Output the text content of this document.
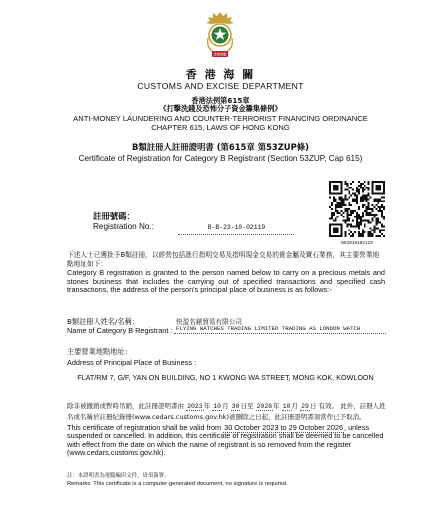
香港海關
香 港 海 關
CUSTOMS AND EXCISE DEPARTMENT
香港法例第615章
《打擊洗錢及恐怖分子資金籌集條例》
ANTI-MONEY LAUNDERING AND COUNTER-TERRORIST FINANCING ORDINANCE
CHAPTER 615, LAWS OF HONG KONG
B類註冊人註冊證明書 (第615章 第53ZUP條)
Certificate of Registration for Category B Registrant (Section 53ZUP, Cap 615)
註冊號碼：
Registration No.:	B-B-23-10-02119
B82019102119
下述人士已獲批予B類註冊，以經營包括進行指明交易及指明現金交易的貴金屬及寶石業務，其主要營業地點地址如下：
Category B registration is granted to the person named below to carry on a precious metals and stones business that includes the carrying out of specified transactions and specified cash transactions, the address of the person's principal place of business is as follows:-
B類註冊人姓名/名稱：
Name of Category B Registrant :
快盈名錶貿易有限公司
FLYING WATCHES TRADING LIMITED TRADING AS LONDON WATCH
主要營業地點地址：
Address of Principal Place of Business :
FLAT/RM 7, G/F, YAN ON BUILDING, NO 1 KWONG WA STREET, MONG KOK, KOWLOON
除非被撤銷或暫時吊銷，此註冊證明書由 2023年 10月 30日至 2026年 10月 29日 有效。 此外，註冊人姓名或名稱於註冊紀錄冊(www.cedars.customs.gov.hk)被刪除之日起，此註冊證明書須當作已予取消。
This certificate of registration shall be valid from 30 October 2023 to 29 October 2026, unless suspended or cancelled. In addition, this certificate of registration shall be deemed to be cancelled with effect from the date on which the name of registrant is so removed from the register (www.cedars.customs.gov.hk).
註：本證明書為電腦編印文件，毋須簽署。
Remarks: This certificate is a computer-generated document, no signature is required.
